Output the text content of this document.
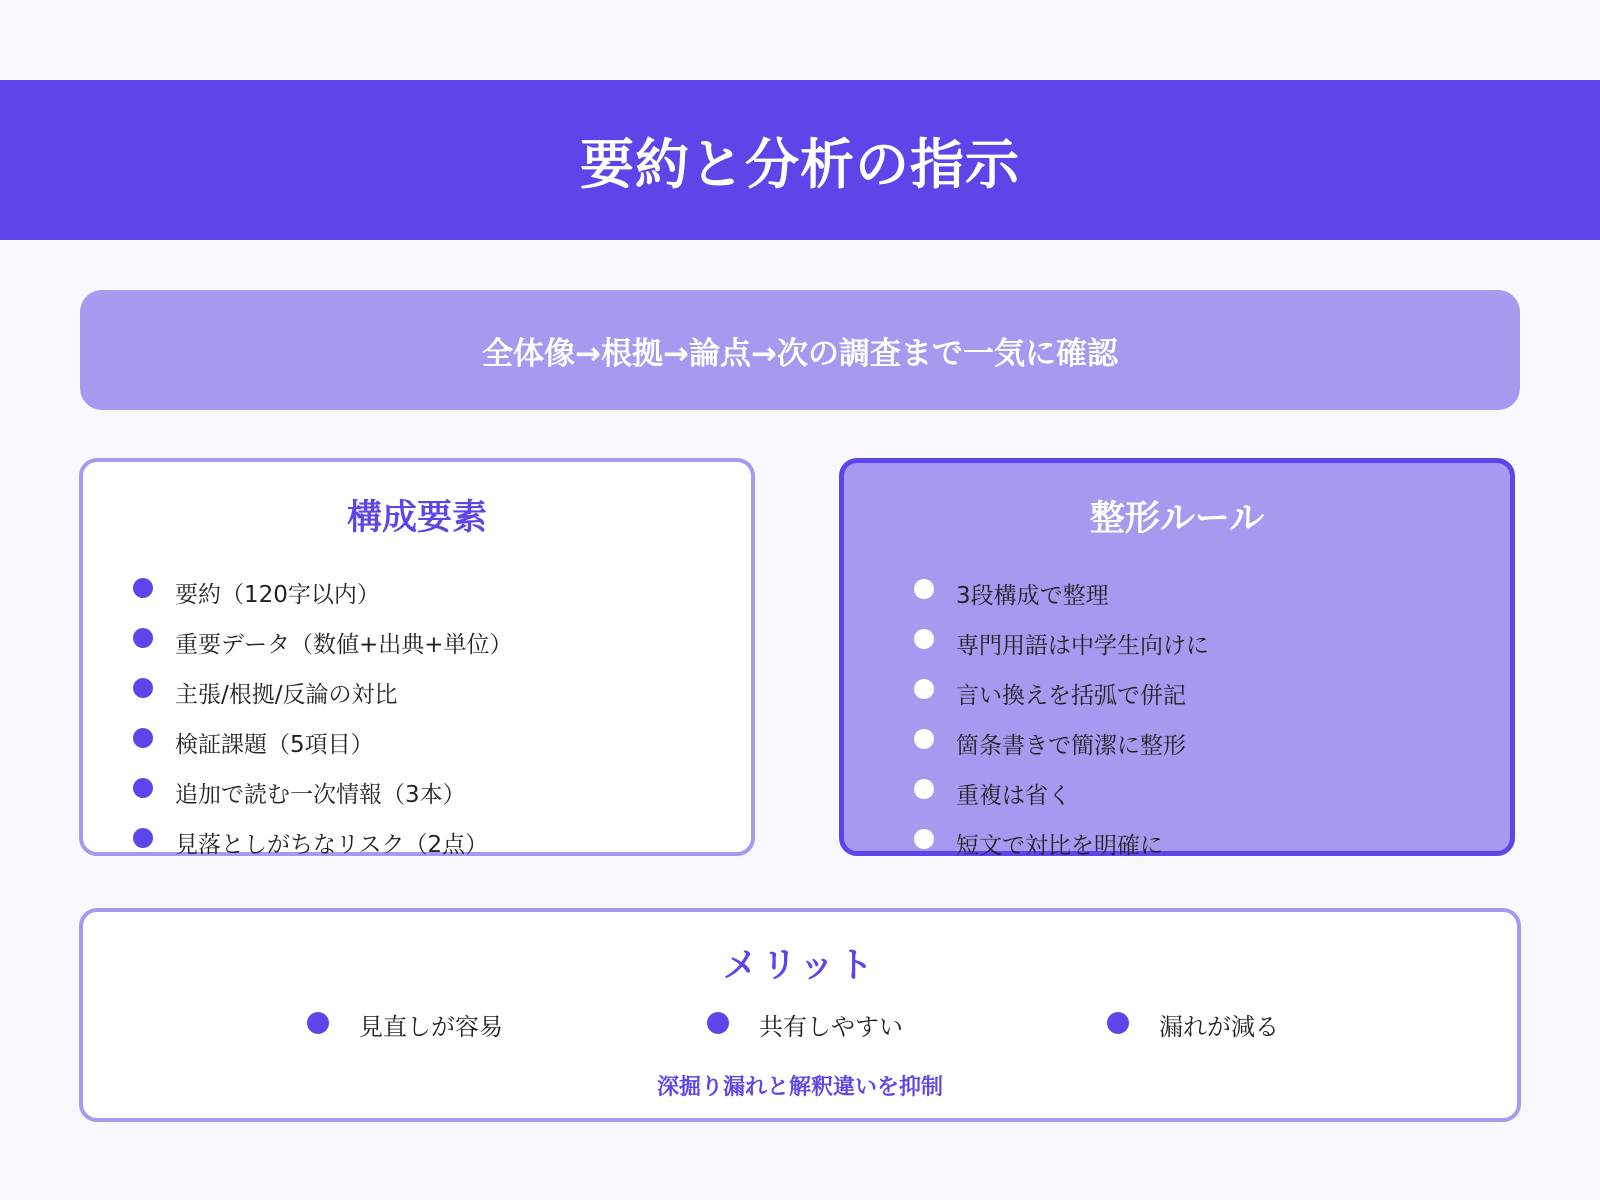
要約と分析の指示
全体像→根拠→論点→次の調査まで一気に確認
構成要素
要約（120字以内）
重要データ（数値+出典+単位）
主張/根拠/反論の対比
検証課題（5項目）
追加で読む一次情報（3本）
見落としがちなリスク（2点）
整形ルール
3段構成で整理
専門用語は中学生向けに
言い換えを括弧で併記
箇条書きで簡潔に整形
重複は省く
短文で対比を明確に
メリット
見直しが容易	共有しやすい	漏れが減る
深掘り漏れと解釈違いを抑制
